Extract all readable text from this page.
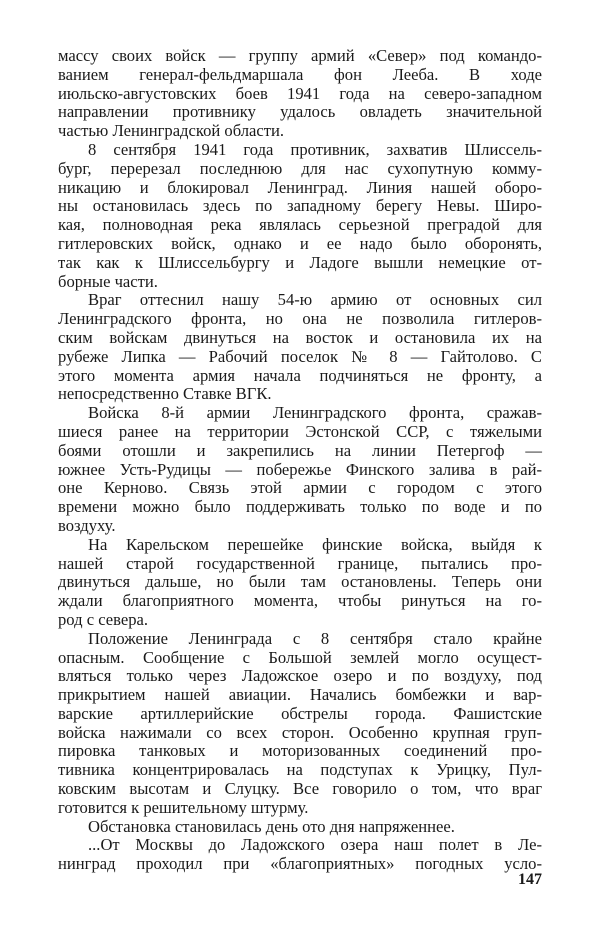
массу своих войск — группу армий «Север» под командо-
ванием генерал-фельдмаршала фон Лееба. В ходе
июльско-августовских боев 1941 года на северо-западном
направлении противнику удалось овладеть значительной
частью Ленинградской области.
8 сентября 1941 года противник, захватив Шлиссель-
бург, перерезал последнюю для нас сухопутную комму-
никацию и блокировал Ленинград. Линия нашей оборо-
ны остановилась здесь по западному берегу Невы. Широ-
кая, полноводная река являлась серьезной преградой для
гитлеровских войск, однако и ее надо было оборонять,
так как к Шлиссельбургу и Ладоге вышли немецкие от-
борные части.
Враг оттеснил нашу 54-ю армию от основных сил
Ленинградского фронта, но она не позволила гитлеров-
ским войскам двинуться на восток и остановила их на
рубеже Липка — Рабочий поселок № 8 — Гайтолово. С
этого момента армия начала подчиняться не фронту, а
непосредственно Ставке ВГК.
Войска 8-й армии Ленинградского фронта, сражав-
шиеся ранее на территории Эстонской ССР, с тяжелыми
боями отошли и закрепились на линии Петергоф —
южнее Усть-Рудицы — побережье Финского залива в рай-
оне Керново. Связь этой армии с городом с этого
времени можно было поддерживать только по воде и по
воздуху.
На Карельском перешейке финские войска, выйдя к
нашей старой государственной границе, пытались про-
двинуться дальше, но были там остановлены. Теперь они
ждали благоприятного момента, чтобы ринуться на го-
род с севера.
Положение Ленинграда с 8 сентября стало крайне
опасным. Сообщение с Большой землей могло осущест-
вляться только через Ладожское озеро и по воздуху, под
прикрытием нашей авиации. Начались бомбежки и вар-
варские артиллерийские обстрелы города. Фашистские
войска нажимали со всех сторон. Особенно крупная груп-
пировка танковых и моторизованных соединений про-
тивника концентрировалась на подступах к Урицку, Пул-
ковским высотам и Слуцку. Все говорило о том, что враг
готовится к решительному штурму.
Обстановка становилась день ото дня напряженнее.
...От Москвы до Ладожского озера наш полет в Ле-
нинград проходил при «благоприятных» погодных усло-
147
